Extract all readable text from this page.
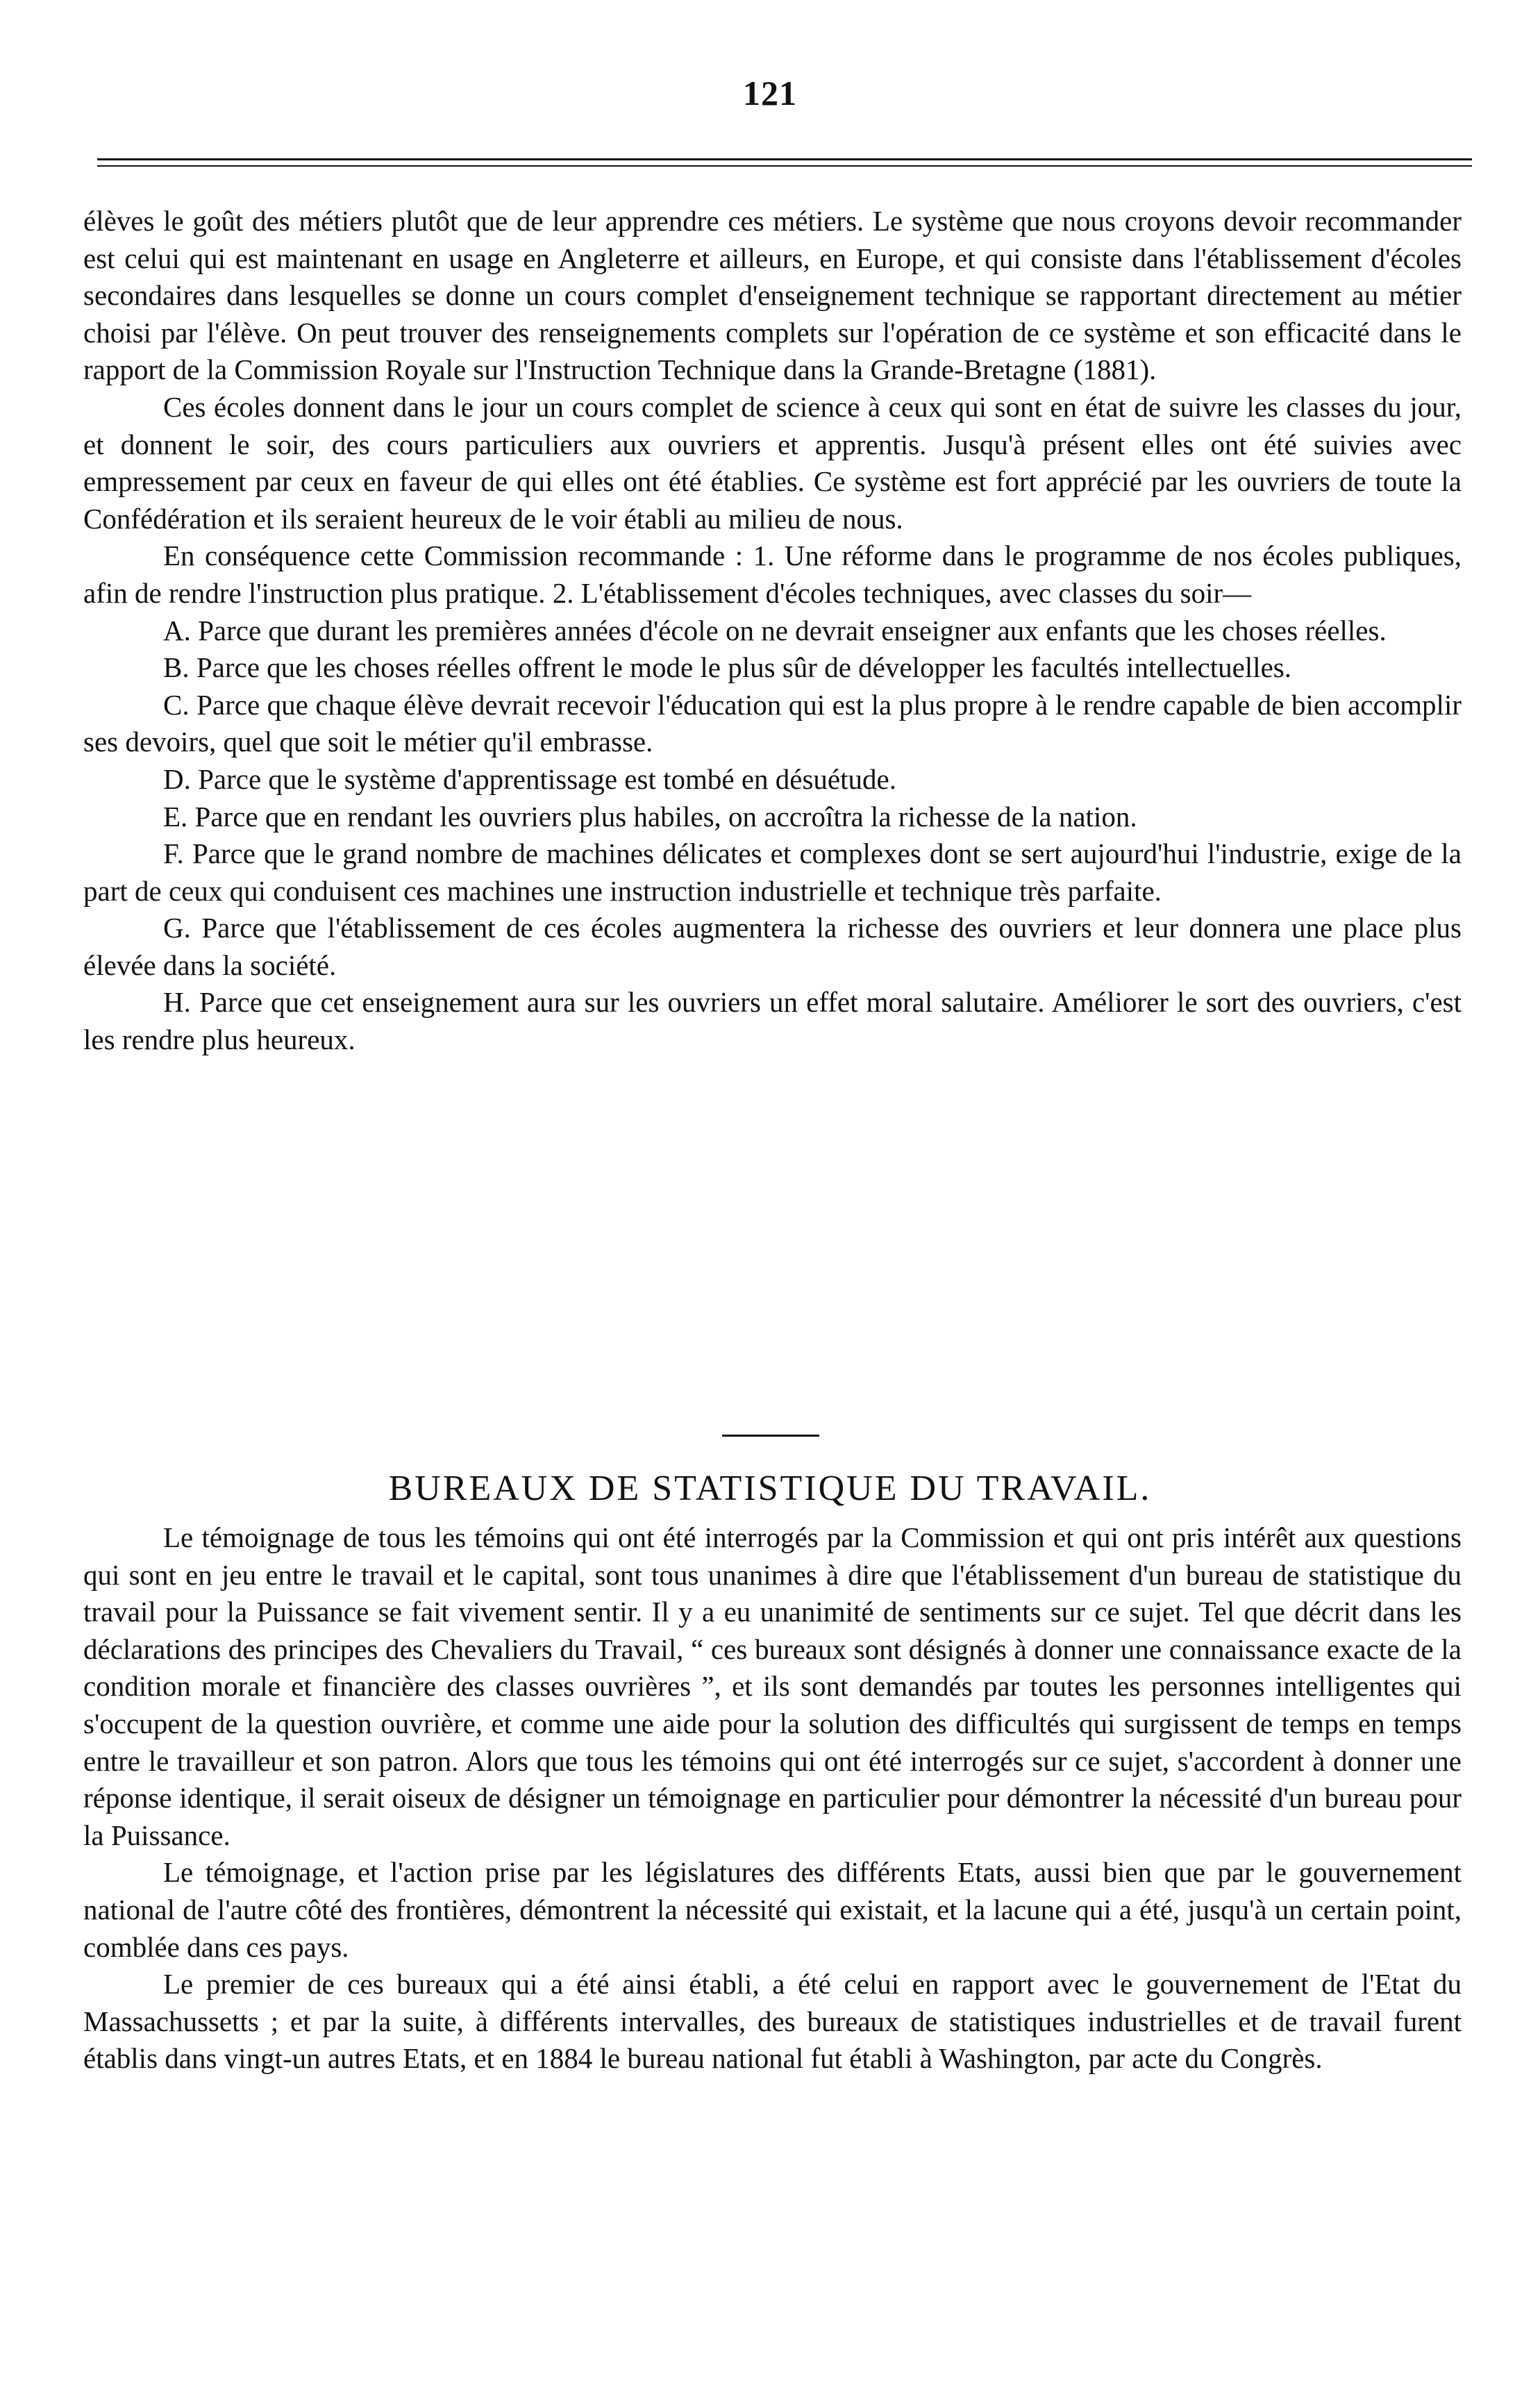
121

élèves le goût des métiers plutôt que de leur apprendre ces métiers. Le système que nous croyons devoir recommander est celui qui est maintenant en usage en Angleterre et ailleurs, en Europe, et qui consiste dans l'établissement d'écoles secondaires dans lesquelles se donne un cours complet d'enseignement technique se rapportant directement au métier choisi par l'élève. On peut trouver des renseignements complets sur l'opération de ce système et son efficacité dans le rapport de la Commission Royale sur l'Instruction Technique dans la Grande-Bretagne (1881).

Ces écoles donnent dans le jour un cours complet de science à ceux qui sont en état de suivre les classes du jour, et donnent le soir, des cours particuliers aux ouvriers et apprentis. Jusqu'à présent elles ont été suivies avec empressement par ceux en faveur de qui elles ont été établies. Ce système est fort apprécié par les ouvriers de toute la Confédération et ils seraient heureux de le voir établi au milieu de nous.

En conséquence cette Commission recommande : 1. Une réforme dans le programme de nos écoles publiques, afin de rendre l'instruction plus pratique. 2. L'établissement d'écoles techniques, avec classes du soir—

A. Parce que durant les premières années d'école on ne devrait enseigner aux enfants que les choses réelles.

B. Parce que les choses réelles offrent le mode le plus sûr de développer les facultés intellectuelles.

C. Parce que chaque élève devrait recevoir l'éducation qui est la plus propre à le rendre capable de bien accomplir ses devoirs, quel que soit le métier qu'il embrasse.

D. Parce que le système d'apprentissage est tombé en désuétude.

E. Parce que en rendant les ouvriers plus habiles, on accroîtra la richesse de la nation.

F. Parce que le grand nombre de machines délicates et complexes dont se sert aujourd'hui l'industrie, exige de la part de ceux qui conduisent ces machines une instruction industrielle et technique très parfaite.

G. Parce que l'établissement de ces écoles augmentera la richesse des ouvriers et leur donnera une place plus élevée dans la société.

H. Parce que cet enseignement aura sur les ouvriers un effet moral salutaire. Améliorer le sort des ouvriers, c'est les rendre plus heureux.

BUREAUX DE STATISTIQUE DU TRAVAIL.

Le témoignage de tous les témoins qui ont été interrogés par la Commission et qui ont pris intérêt aux questions qui sont en jeu entre le travail et le capital, sont tous unanimes à dire que l'établissement d'un bureau de statistique du travail pour la Puissance se fait vivement sentir. Il y a eu unanimité de sentiments sur ce sujet. Tel que décrit dans les déclarations des principes des Chevaliers du Travail, “ ces bureaux sont désignés à donner une connaissance exacte de la condition morale et financière des classes ouvrières ”, et ils sont demandés par toutes les personnes intelligentes qui s'occupent de la question ouvrière, et comme une aide pour la solution des difficultés qui surgissent de temps en temps entre le travailleur et son patron. Alors que tous les témoins qui ont été interrogés sur ce sujet, s'accordent à donner une réponse identique, il serait oiseux de désigner un témoignage en particulier pour démontrer la nécessité d'un bureau pour la Puissance.

Le témoignage, et l'action prise par les législatures des différents Etats, aussi bien que par le gouvernement national de l'autre côté des frontières, démontrent la nécessité qui existait, et la lacune qui a été, jusqu'à un certain point, comblée dans ces pays.

Le premier de ces bureaux qui a été ainsi établi, a été celui en rapport avec le gouvernement de l'Etat du Massachussetts ; et par la suite, à différents intervalles, des bureaux de statistiques industrielles et de travail furent établis dans vingt-un autres Etats, et en 1884 le bureau national fut établi à Washington, par acte du Congrès.
